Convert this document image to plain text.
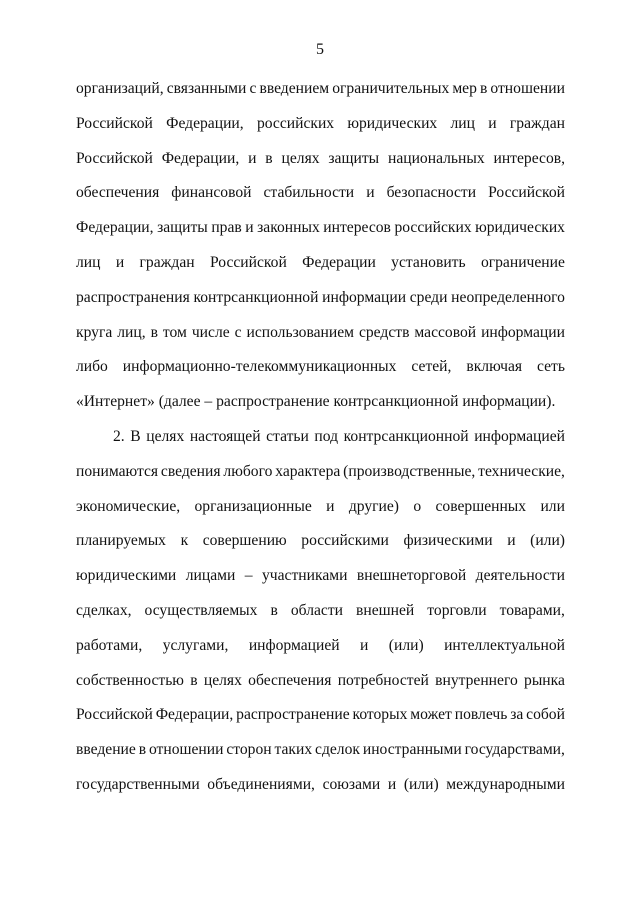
5
организаций, связанными с введением ограничительных мер в отношении
Российской Федерации, российских юридических лиц и граждан
Российской Федерации, и в целях защиты национальных интересов,
обеспечения финансовой стабильности и безопасности Российской
Федерации, защиты прав и законных интересов российских юридических
лиц и граждан Российской Федерации установить ограничение
распространения контрсанкционной информации среди неопределенного
круга лиц, в том числе с использованием средств массовой информации
либо информационно-телекоммуникационных сетей, включая сеть
«Интернет» (далее – распространение контрсанкционной информации).
2. В целях настоящей статьи под контрсанкционной информацией
понимаются сведения любого характера (производственные, технические,
экономические, организационные и другие) о совершенных или
планируемых к совершению российскими физическими и (или)
юридическими лицами – участниками внешнеторговой деятельности
сделках, осуществляемых в области внешней торговли товарами,
работами, услугами, информацией и (или) интеллектуальной
собственностью в целях обеспечения потребностей внутреннего рынка
Российской Федерации, распространение которых может повлечь за собой
введение в отношении сторон таких сделок иностранными государствами,
государственными объединениями, союзами и (или) международными
